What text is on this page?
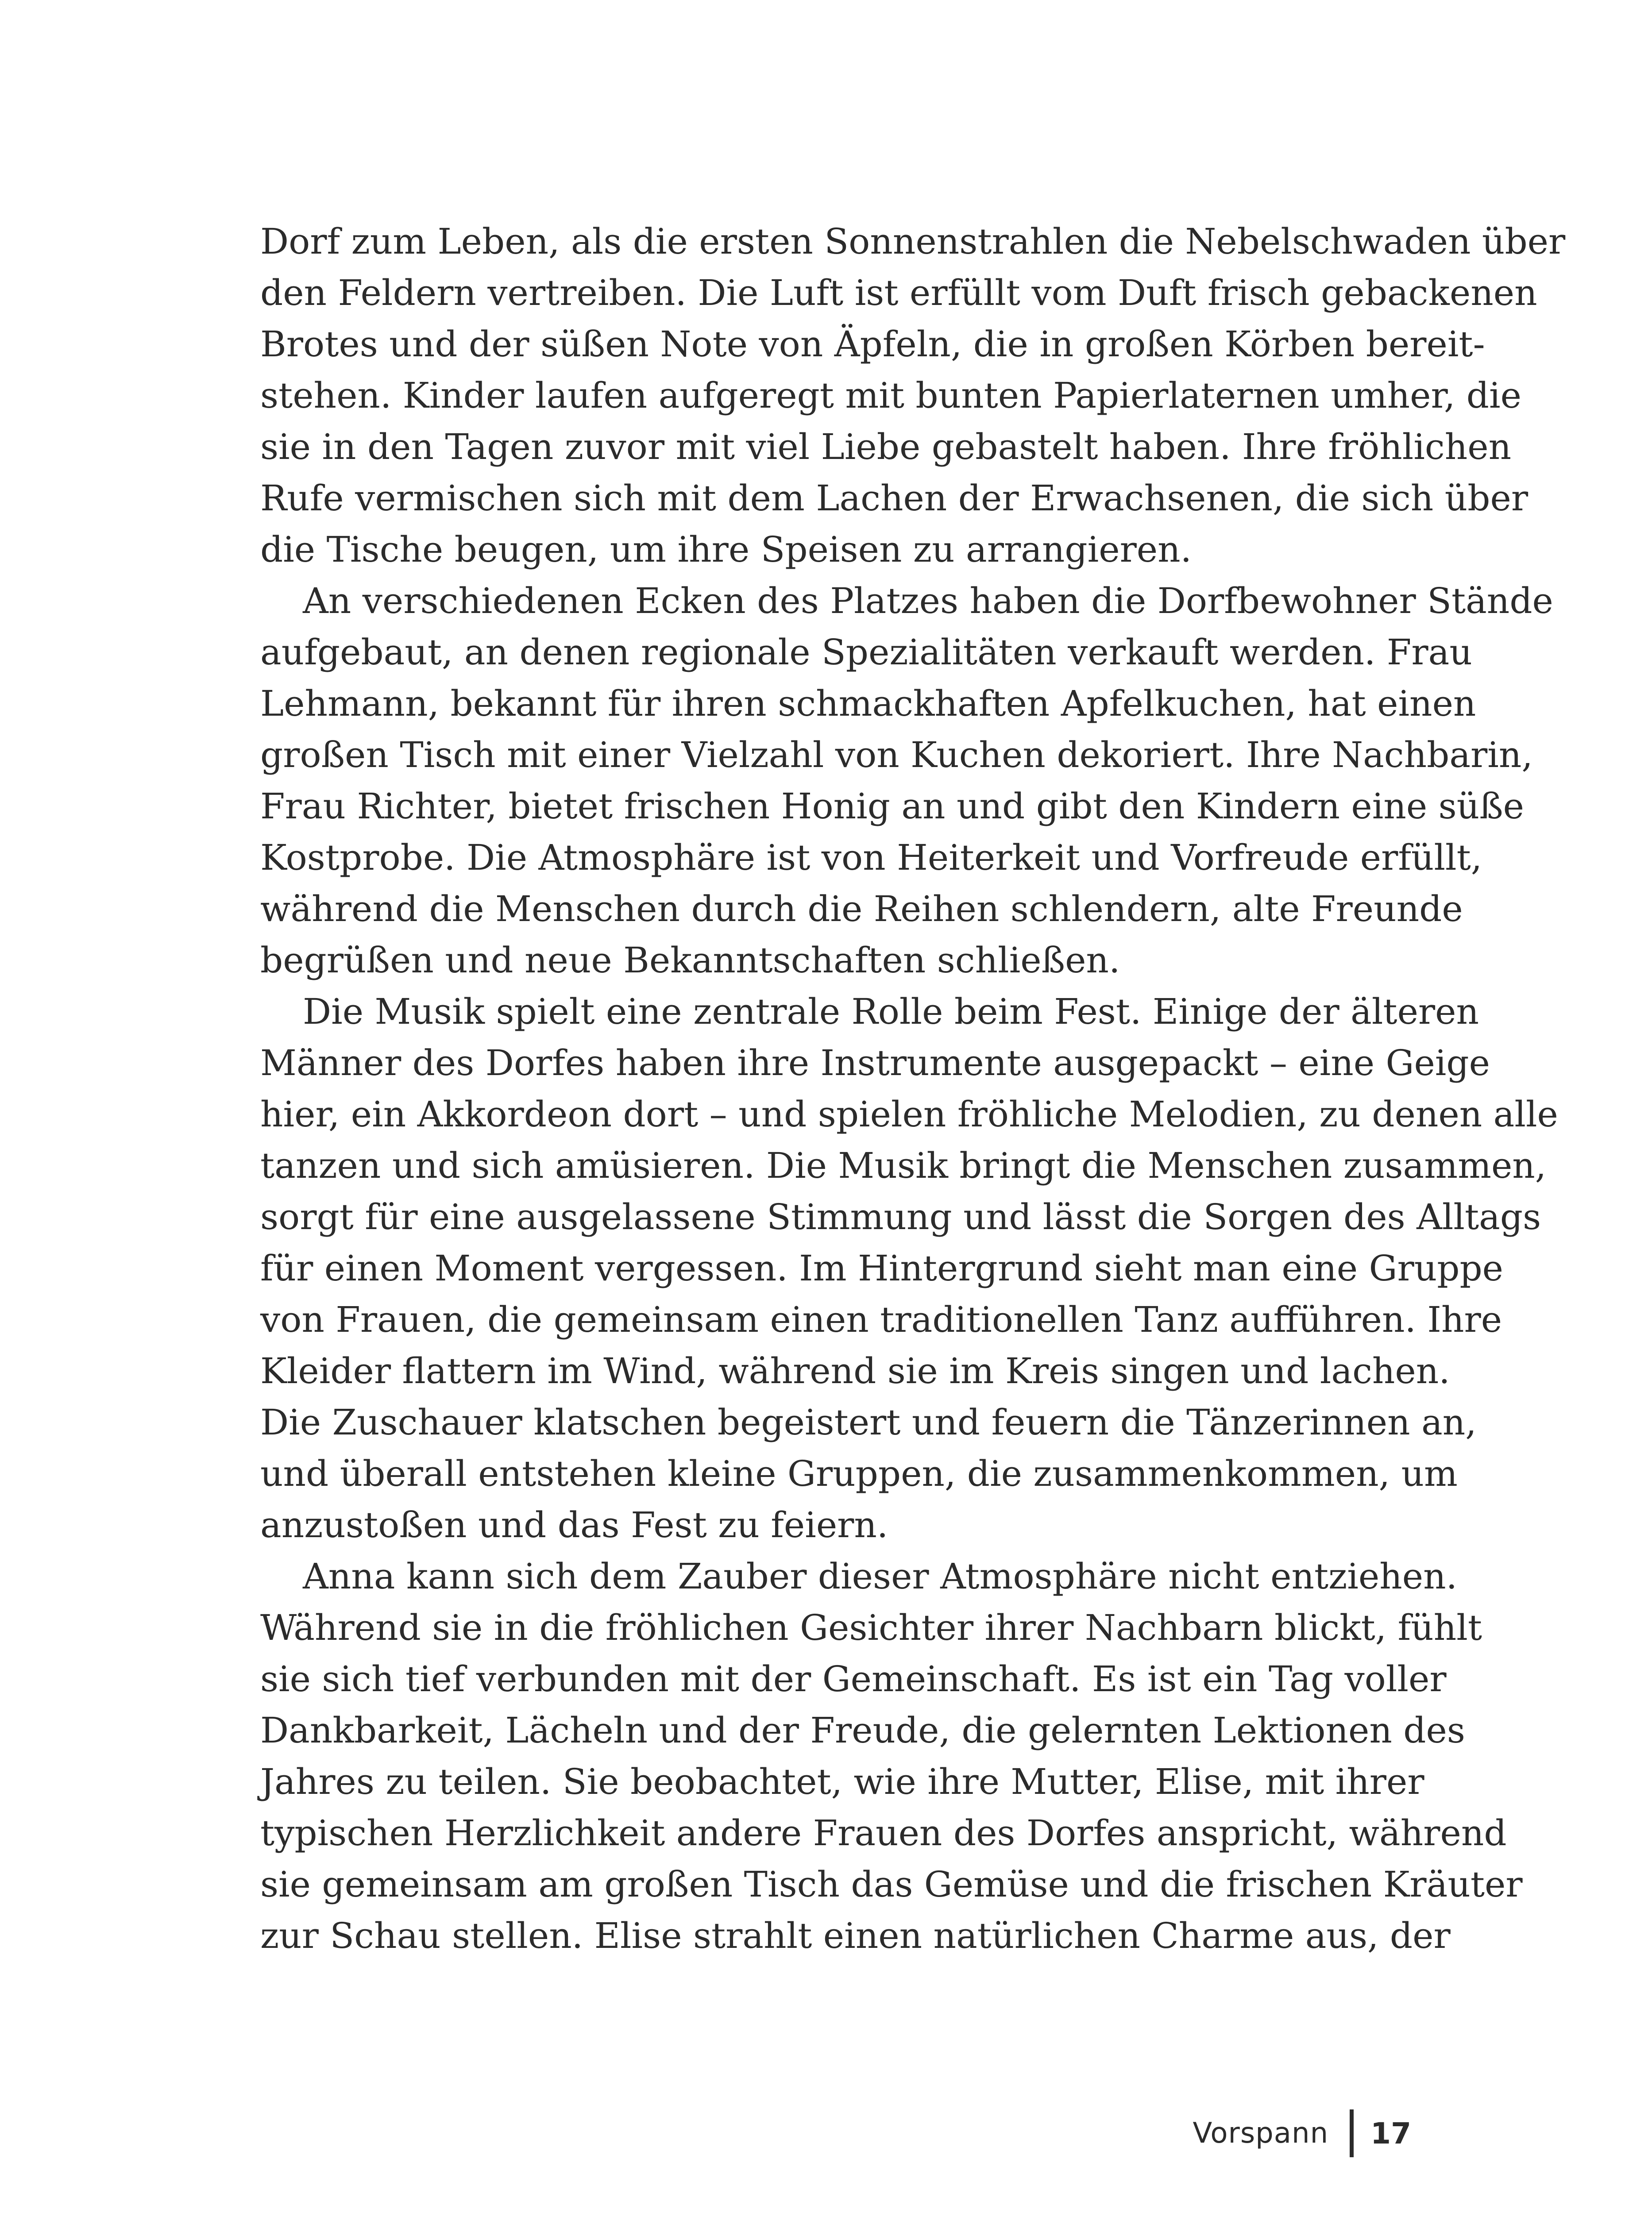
Dorf zum Leben, als die ersten Sonnenstrahlen die Nebelschwaden über
den Feldern vertreiben. Die Luft ist erfüllt vom Duft frisch gebackenen
Brotes und der süßen Note von Äpfeln, die in großen Körben bereit-
stehen. Kinder laufen aufgeregt mit bunten Papierlaternen umher, die
sie in den Tagen zuvor mit viel Liebe gebastelt haben. Ihre fröhlichen
Rufe vermischen sich mit dem Lachen der Erwachsenen, die sich über
die Tische beugen, um ihre Speisen zu arrangieren.
An verschiedenen Ecken des Platzes haben die Dorfbewohner Stände
aufgebaut, an denen regionale Spezialitäten verkauft werden. Frau
Lehmann, bekannt für ihren schmackhaften Apfelkuchen, hat einen
großen Tisch mit einer Vielzahl von Kuchen dekoriert. Ihre Nachbarin,
Frau Richter, bietet frischen Honig an und gibt den Kindern eine süße
Kostprobe. Die Atmosphäre ist von Heiterkeit und Vorfreude erfüllt,
während die Menschen durch die Reihen schlendern, alte Freunde
begrüßen und neue Bekanntschaften schließen.
Die Musik spielt eine zentrale Rolle beim Fest. Einige der älteren
Männer des Dorfes haben ihre Instrumente ausgepackt – eine Geige
hier, ein Akkordeon dort – und spielen fröhliche Melodien, zu denen alle
tanzen und sich amüsieren. Die Musik bringt die Menschen zusammen,
sorgt für eine ausgelassene Stimmung und lässt die Sorgen des Alltags
für einen Moment vergessen. Im Hintergrund sieht man eine Gruppe
von Frauen, die gemeinsam einen traditionellen Tanz aufführen. Ihre
Kleider flattern im Wind, während sie im Kreis singen und lachen.
Die Zuschauer klatschen begeistert und feuern die Tänzerinnen an,
und überall entstehen kleine Gruppen, die zusammenkommen, um
anzustoßen und das Fest zu feiern.
Anna kann sich dem Zauber dieser Atmosphäre nicht entziehen.
Während sie in die fröhlichen Gesichter ihrer Nachbarn blickt, fühlt
sie sich tief verbunden mit der Gemeinschaft. Es ist ein Tag voller
Dankbarkeit, Lächeln und der Freude, die gelernten Lektionen des
Jahres zu teilen. Sie beobachtet, wie ihre Mutter, Elise, mit ihrer
typischen Herzlichkeit andere Frauen des Dorfes anspricht, während
sie gemeinsam am großen Tisch das Gemüse und die frischen Kräuter
zur Schau stellen. Elise strahlt einen natürlichen Charme aus, der
Vorspann 17
